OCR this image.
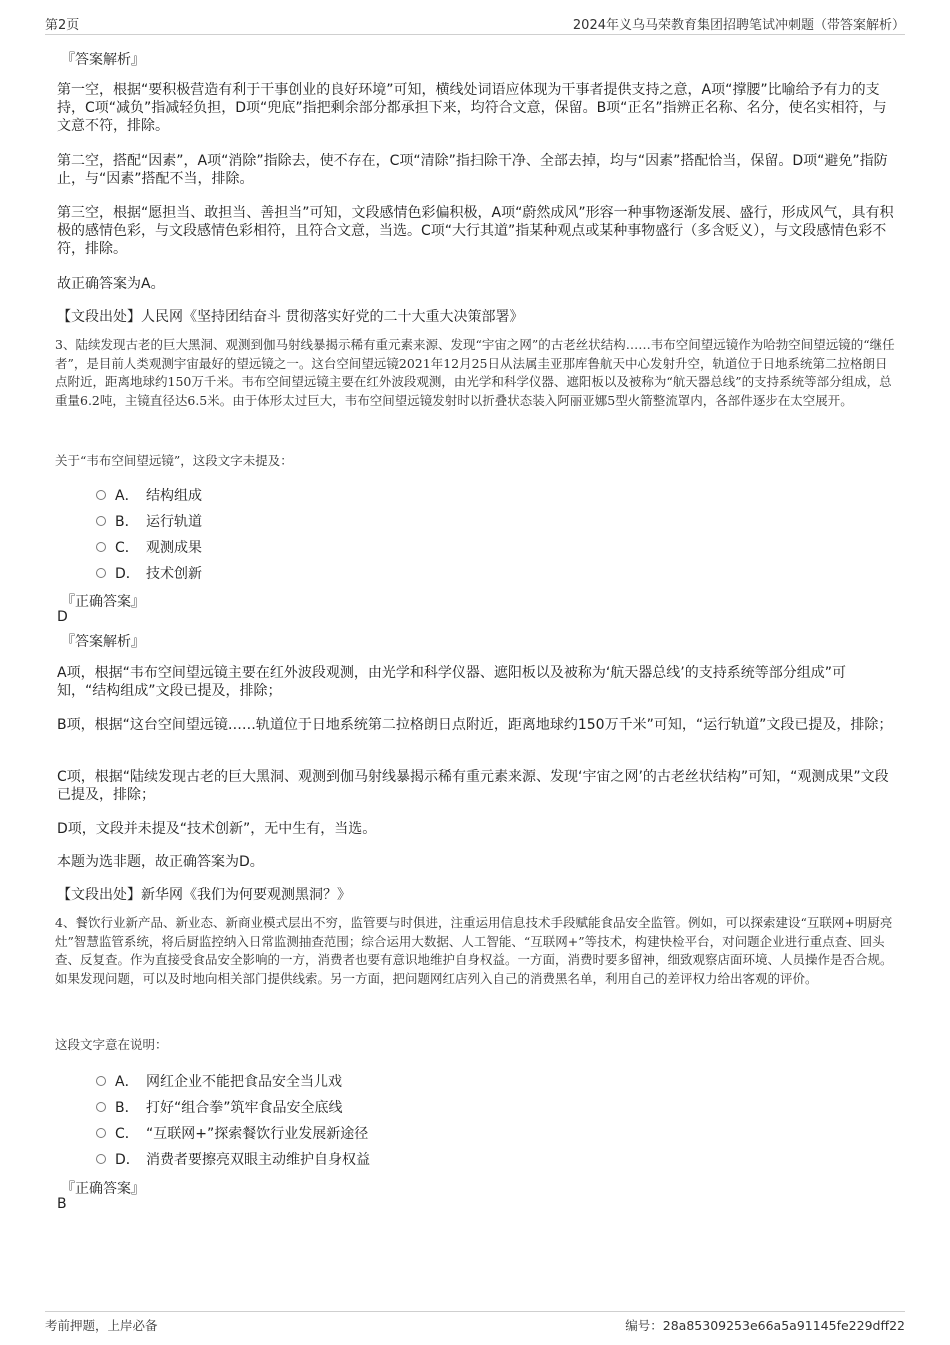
第2页	2024年义乌马荣教育集团招聘笔试冲刺题（带答案解析）
『答案解析』
第一空，根据“要积极营造有利于干事创业的良好环境”可知，横线处词语应体现为干事者提供支持之意，A项“撑腰”比喻给予有力的支持，C项“减负”指减轻负担，D项“兜底”指把剩余部分都承担下来，均符合文意，保留。B项“正名”指辨正名称、名分，使名实相符，与文意不符，排除。
第二空，搭配“因素”，A项“消除”指除去，使不存在，C项“清除”指扫除干净、全部去掉，均与“因素”搭配恰当，保留。D项“避免”指防止，与“因素”搭配不当，排除。
第三空，根据“愿担当、敢担当、善担当”可知，文段感情色彩偏积极，A项“蔚然成风”形容一种事物逐渐发展、盛行，形成风气，具有积极的感情色彩，与文段感情色彩相符，且符合文意，当选。C项“大行其道”指某种观点或某种事物盛行（多含贬义），与文段感情色彩不符，排除。
故正确答案为A。
【文段出处】人民网《坚持团结奋斗 贯彻落实好党的二十大重大决策部署》
3、陆续发现古老的巨大黑洞、观测到伽马射线暴揭示稀有重元素来源、发现“宇宙之网”的古老丝状结构……韦布空间望远镜作为哈勃空间望远镜的“继任者”，是目前人类观测宇宙最好的望远镜之一。这台空间望远镜2021年12月25日从法属圭亚那库鲁航天中心发射升空，轨道位于日地系统第二拉格朗日点附近，距离地球约150万千米。韦布空间望远镜主要在红外波段观测，由光学和科学仪器、遮阳板以及被称为“航天器总线”的支持系统等部分组成，总重量6.2吨，主镜直径达6.5米。由于体形太过巨大，韦布空间望远镜发射时以折叠状态装入阿丽亚娜5型火箭整流罩内，各部件逐步在太空展开。
关于“韦布空间望远镜”，这段文字未提及：
A． 结构组成
B． 运行轨道
C． 观测成果
D． 技术创新
『正确答案』
D
『答案解析』
A项，根据“韦布空间望远镜主要在红外波段观测，由光学和科学仪器、遮阳板以及被称为‘航天器总线’的支持系统等部分组成”可知，“结构组成”文段已提及，排除；
B项，根据“这台空间望远镜……轨道位于日地系统第二拉格朗日点附近，距离地球约150万千米”可知，“运行轨道”文段已提及，排除；
C项，根据“陆续发现古老的巨大黑洞、观测到伽马射线暴揭示稀有重元素来源、发现‘宇宙之网’的古老丝状结构”可知，“观测成果”文段已提及，排除；
D项，文段并未提及“技术创新”，无中生有，当选。
本题为选非题，故正确答案为D。
【文段出处】新华网《我们为何要观测黑洞？》
4、餐饮行业新产品、新业态、新商业模式层出不穷，监管要与时俱进，注重运用信息技术手段赋能食品安全监管。例如，可以探索建设“互联网+明厨亮灶”智慧监管系统，将后厨监控纳入日常监测抽查范围；综合运用大数据、人工智能、“互联网+”等技术，构建快检平台，对问题企业进行重点查、回头查、反复查。作为直接受食品安全影响的一方，消费者也要有意识地维护自身权益。一方面，消费时要多留神，细致观察店面环境、人员操作是否合规。如果发现问题，可以及时地向相关部门提供线索。另一方面，把问题网红店列入自己的消费黑名单，利用自己的差评权力给出客观的评价。
这段文字意在说明：
A． 网红企业不能把食品安全当儿戏
B． 打好“组合拳”筑牢食品安全底线
C． “互联网+”探索餐饮行业发展新途径
D． 消费者要擦亮双眼主动维护自身权益
『正确答案』
B
考前押题，上岸必备	编号：28a85309253e66a5a91145fe229dff22
